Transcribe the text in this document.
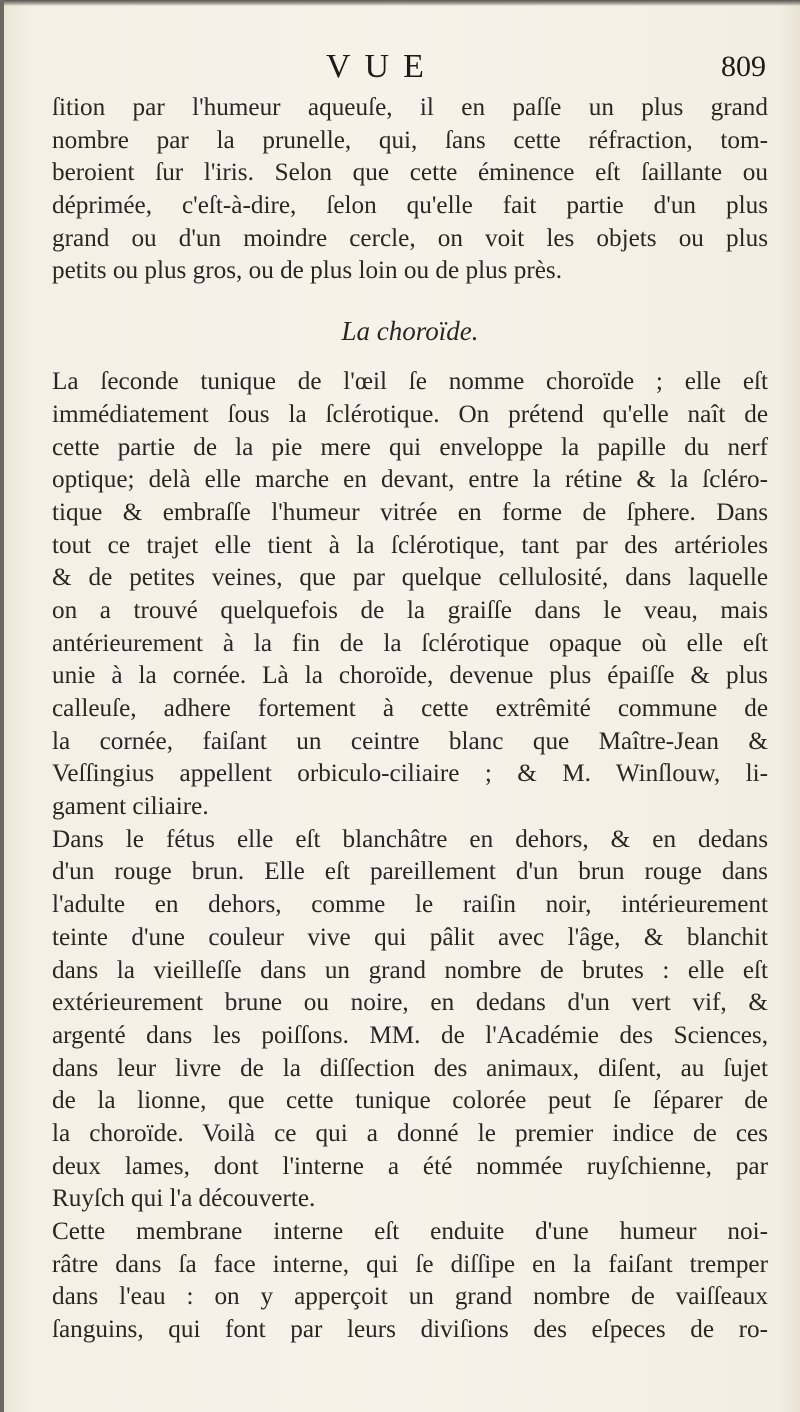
VUE	809
ſition par l'humeur aqueuſe, il en paſſe un plus grand
nombre par la prunelle, qui, ſans cette réfraction, tom-
beroient ſur l'iris. Selon que cette éminence eſt ſaillante ou
déprimée, c'eſt-à-dire, ſelon qu'elle fait partie d'un plus
grand ou d'un moindre cercle, on voit les objets ou plus
petits ou plus gros, ou de plus loin ou de plus près.
La choroïde.
La ſeconde tunique de l'œil ſe nomme choroïde ; elle eſt
immédiatement ſous la ſclérotique. On prétend qu'elle naît de
cette partie de la pie mere qui enveloppe la papille du nerf
optique; delà elle marche en devant, entre la rétine & la ſcléro-
tique & embraſſe l'humeur vitrée en forme de ſphere. Dans
tout ce trajet elle tient à la ſclérotique, tant par des artérioles
& de petites veines, que par quelque cellulosité, dans laquelle
on a trouvé quelquefois de la graiſſe dans le veau, mais
antérieurement à la fin de la ſclérotique opaque où elle eſt
unie à la cornée. Là la choroïde, devenue plus épaiſſe & plus
calleuſe, adhere fortement à cette extrêmité commune de
la cornée, faiſant un ceintre blanc que Maître-Jean &
Veſſingius appellent orbiculo-ciliaire ; & M. Winſlouw, li-
gament ciliaire.
Dans le fétus elle eſt blanchâtre en dehors, & en dedans
d'un rouge brun. Elle eſt pareillement d'un brun rouge dans
l'adulte en dehors, comme le raiſin noir, intérieurement
teinte d'une couleur vive qui pâlit avec l'âge, & blanchit
dans la vieilleſſe dans un grand nombre de brutes : elle eſt
extérieurement brune ou noire, en dedans d'un vert vif, &
argenté dans les poiſſons. MM. de l'Académie des Sciences,
dans leur livre de la diſſection des animaux, diſent, au ſujet
de la lionne, que cette tunique colorée peut ſe ſéparer de
la choroïde. Voilà ce qui a donné le premier indice de ces
deux lames, dont l'interne a été nommée ruyſchienne, par
Ruyſch qui l'a découverte.
Cette membrane interne eſt enduite d'une humeur noi-
râtre dans ſa face interne, qui ſe diſſipe en la faiſant tremper
dans l'eau : on y apperçoit un grand nombre de vaiſſeaux
ſanguins, qui font par leurs diviſions des eſpeces de ro-
